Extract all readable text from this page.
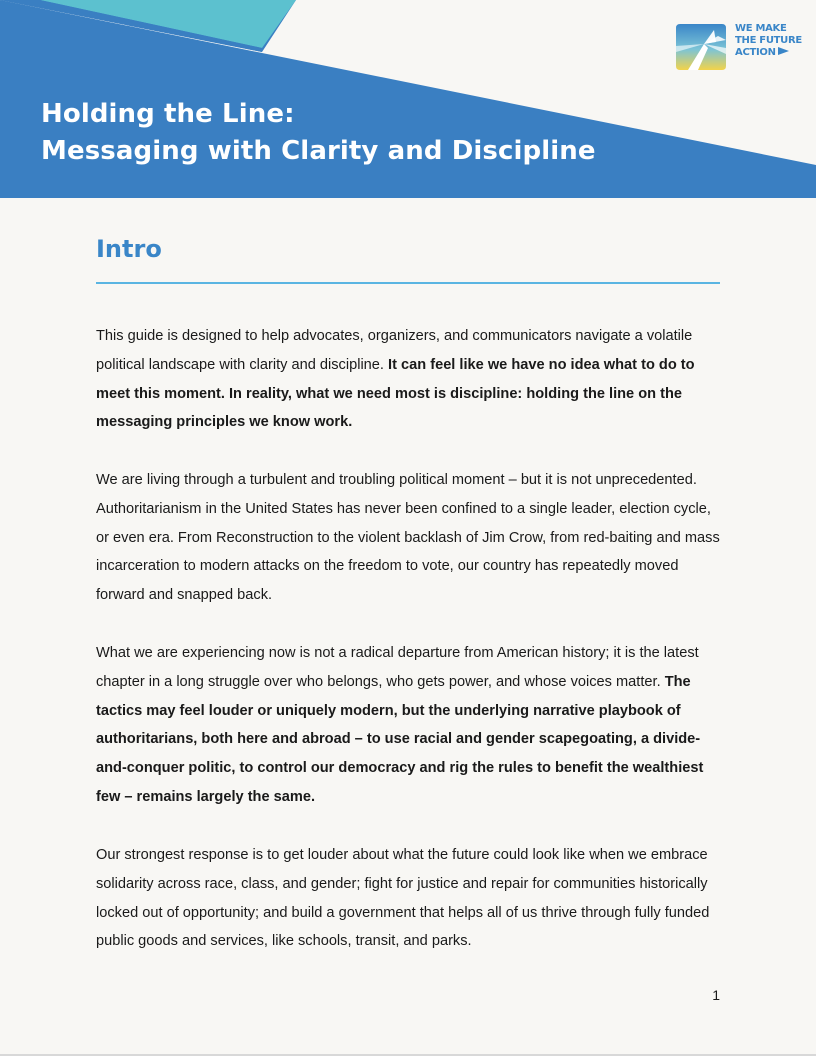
Holding the Line:
Messaging with Clarity and Discipline
WE MAKE
THE FUTURE
ACTION
Intro

This guide is designed to help advocates, organizers, and communicators navigate a volatile political landscape with clarity and discipline. It can feel like we have no idea what to do to meet this moment. In reality, what we need most is discipline: holding the line on the messaging principles we know work.

We are living through a turbulent and troubling political moment – but it is not unprecedented. Authoritarianism in the United States has never been confined to a single leader, election cycle, or even era. From Reconstruction to the violent backlash of Jim Crow, from red-baiting and mass incarceration to modern attacks on the freedom to vote, our country has repeatedly moved forward and snapped back.

What we are experiencing now is not a radical departure from American history; it is the latest chapter in a long struggle over who belongs, who gets power, and whose voices matter. The tactics may feel louder or uniquely modern, but the underlying narrative playbook of authoritarians, both here and abroad – to use racial and gender scapegoating, a divide-and-conquer politic, to control our democracy and rig the rules to benefit the wealthiest few – remains largely the same.

Our strongest response is to get louder about what the future could look like when we embrace solidarity across race, class, and gender; fight for justice and repair for communities historically locked out of opportunity; and build a government that helps all of us thrive through fully funded public goods and services, like schools, transit, and parks.

1
